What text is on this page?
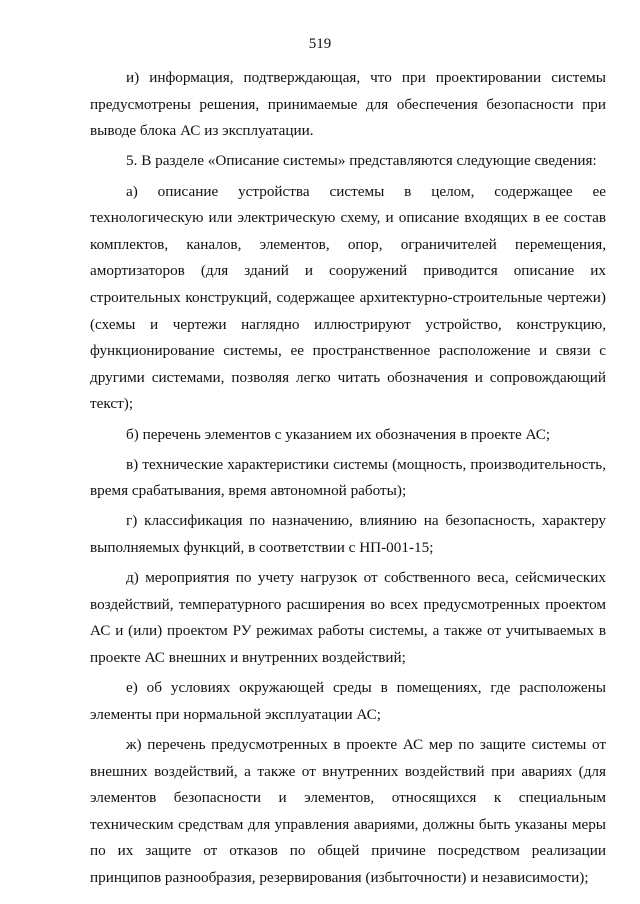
519

и) информация, подтверждающая, что при проектировании системы предусмотрены решения, принимаемые для обеспечения безопасности при выводе блока АС из эксплуатации.

5. В разделе «Описание системы» представляются следующие сведения:

а) описание устройства системы в целом, содержащее ее технологическую или электрическую схему, и описание входящих в ее состав комплектов, каналов, элементов, опор, ограничителей перемещения, амортизаторов (для зданий и сооружений приводится описание их строительных конструкций, содержащее архитектурно-строительные чертежи) (схемы и чертежи наглядно иллюстрируют устройство, конструкцию, функционирование системы, ее пространственное расположение и связи с другими системами, позволяя легко читать обозначения и сопровождающий текст);

б) перечень элементов с указанием их обозначения в проекте АС;

в) технические характеристики системы (мощность, производительность, время срабатывания, время автономной работы);

г) классификация по назначению, влиянию на безопасность, характеру выполняемых функций, в соответствии с НП-001-15;

д) мероприятия по учету нагрузок от собственного веса, сейсмических воздействий, температурного расширения во всех предусмотренных проектом АС и (или) проектом РУ режимах работы системы, а также от учитываемых в проекте АС внешних и внутренних воздействий;

е) об условиях окружающей среды в помещениях, где расположены элементы при нормальной эксплуатации АС;

ж) перечень предусмотренных в проекте АС мер по защите системы от внешних воздействий, а также от внутренних воздействий при авариях (для элементов безопасности и элементов, относящихся к специальным техническим средствам для управления авариями, должны быть указаны меры по их защите от отказов по общей причине посредством реализации принципов разнообразия, резервирования (избыточности) и независимости);
